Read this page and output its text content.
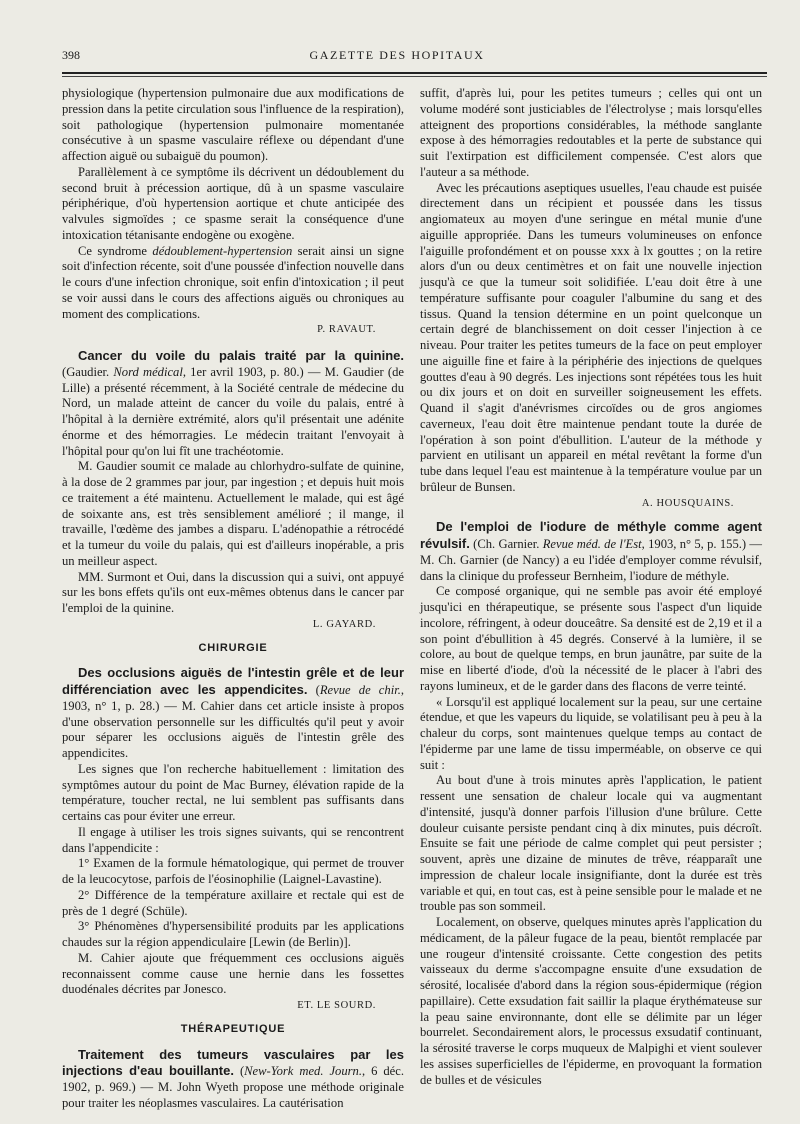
398	GAZETTE DES HOPITAUX

physiologique (hypertension pulmonaire due aux modifications de pression dans la petite circulation sous l'influence de la respiration), soit pathologique (hypertension pulmonaire momentanée consécutive à un spasme vasculaire réflexe ou dépendant d'une affection aiguë ou subaiguë du poumon).

Parallèlement à ce symptôme ils décrivent un dédoublement du second bruit à précession aortique, dû à un spasme vasculaire périphérique, d'où hypertension aortique et chute anticipée des valvules sigmoïdes ; ce spasme serait la conséquence d'une intoxication tétanisante endogène ou exogène.

Ce syndrome dédoublement-hypertension serait ainsi un signe soit d'infection récente, soit d'une poussée d'infection nouvelle dans le cours d'une infection chronique, soit enfin d'intoxication ; il peut se voir aussi dans le cours des affections aiguës ou chroniques au moment des complications.

P. RAVAUT.

Cancer du voile du palais traité par la quinine. (Gaudier. Nord médical, 1er avril 1903, p. 80.) — M. Gaudier (de Lille) a présenté récemment, à la Société centrale de médecine du Nord, un malade atteint de cancer du voile du palais, entré à l'hôpital à la dernière extrémité, alors qu'il présentait une adénite énorme et des hémorragies. Le médecin traitant l'envoyait à l'hôpital pour qu'on lui fît une trachéotomie.

M. Gaudier soumit ce malade au chlorhydro-sulfate de quinine, à la dose de 2 grammes par jour, par ingestion ; et depuis huit mois ce traitement a été maintenu. Actuellement le malade, qui est âgé de soixante ans, est très sensiblement amélioré ; il mange, il travaille, l'œdème des jambes a disparu. L'adénopathie a rétrocédé et la tumeur du voile du palais, qui est d'ailleurs inopérable, a pris un meilleur aspect.

MM. Surmont et Oui, dans la discussion qui a suivi, ont appuyé sur les bons effets qu'ils ont eux-mêmes obtenus dans le cancer par l'emploi de la quinine.

L. GAYARD.
CHIRURGIE

Des occlusions aiguës de l'intestin grêle et de leur différenciation avec les appendicites. (Revue de chir., 1903, n° 1, p. 28.) — M. Cahier dans cet article insiste à propos d'une observation personnelle sur les difficultés qu'il peut y avoir pour séparer les occlusions aiguës de l'intestin grêle des appendicites.

Les signes que l'on recherche habituellement : limitation des symptômes autour du point de Mac Burney, élévation rapide de la température, toucher rectal, ne lui semblent pas suffisants dans certains cas pour éviter une erreur.

Il engage à utiliser les trois signes suivants, qui se rencontrent dans l'appendicite :

1° Examen de la formule hématologique, qui permet de trouver de la leucocytose, parfois de l'éosinophilie (Laignel-Lavastine).

2° Différence de la température axillaire et rectale qui est de près de 1 degré (Schüle).

3° Phénomènes d'hypersensibilité produits par les applications chaudes sur la région appendiculaire [Lewin (de Berlin)].

M. Cahier ajoute que fréquemment ces occlusions aiguës reconnaissent comme cause une hernie dans les fossettes duodénales décrites par Jonesco.

ET. LE SOURD.
THÉRAPEUTIQUE

Traitement des tumeurs vasculaires par les injections d'eau bouillante. (New-York med. Journ., 6 déc. 1902, p. 969.) — M. John Wyeth propose une méthode originale pour traiter les néoplasmes vasculaires. La cautérisation

suffit, d'après lui, pour les petites tumeurs ; celles qui ont un volume modéré sont justiciables de l'électrolyse ; mais lorsqu'elles atteignent des proportions considérables, la méthode sanglante expose à des hémorragies redoutables et la perte de substance qui suit l'extirpation est difficilement compensée. C'est alors que l'auteur a sa méthode.

Avec les précautions aseptiques usuelles, l'eau chaude est puisée directement dans un récipient et poussée dans les tissus angiomateux au moyen d'une seringue en métal munie d'une aiguille appropriée. Dans les tumeurs volumineuses on enfonce l'aiguille profondément et on pousse xxx à lx gouttes ; on la retire alors d'un ou deux centimètres et on fait une nouvelle injection jusqu'à ce que la tumeur soit solidifiée. L'eau doit être à une température suffisante pour coaguler l'albumine du sang et des tissus. Quand la tension détermine en un point quelconque un certain degré de blanchissement on doit cesser l'injection à ce niveau. Pour traiter les petites tumeurs de la face on peut employer une aiguille fine et faire à la périphérie des injections de quelques gouttes d'eau à 90 degrés. Les injections sont répétées tous les huit ou dix jours et on doit en surveiller soigneusement les effets. Quand il s'agit d'anévrismes circoïdes ou de gros angiomes caverneux, l'eau doit être maintenue pendant toute la durée de l'opération à son point d'ébullition. L'auteur de la méthode y parvient en utilisant un appareil en métal revêtant la forme d'un tube dans lequel l'eau est maintenue à la température voulue par un brûleur de Bunsen.

A. HOUSQUAINS.

De l'emploi de l'iodure de méthyle comme agent révulsif. (Ch. Garnier. Revue méd. de l'Est, 1903, n° 5, p. 155.) — M. Ch. Garnier (de Nancy) a eu l'idée d'employer comme révulsif, dans la clinique du professeur Bernheim, l'iodure de méthyle.

Ce composé organique, qui ne semble pas avoir été employé jusqu'ici en thérapeutique, se présente sous l'aspect d'un liquide incolore, réfringent, à odeur douceâtre. Sa densité est de 2,19 et il a son point d'ébullition à 45 degrés. Conservé à la lumière, il se colore, au bout de quelque temps, en brun jaunâtre, par suite de la mise en liberté d'iode, d'où la nécessité de le placer à l'abri des rayons lumineux, et de le garder dans des flacons de verre teinté.

« Lorsqu'il est appliqué localement sur la peau, sur une certaine étendue, et que les vapeurs du liquide, se volatilisant peu à peu à la chaleur du corps, sont maintenues quelque temps au contact de l'épiderme par une lame de tissu imperméable, on observe ce qui suit :

Au bout d'une à trois minutes après l'application, le patient ressent une sensation de chaleur locale qui va augmentant d'intensité, jusqu'à donner parfois l'illusion d'une brûlure. Cette douleur cuisante persiste pendant cinq à dix minutes, puis décroît. Ensuite se fait une période de calme complet qui peut persister ; souvent, après une dizaine de minutes de trêve, réapparaît une impression de chaleur locale insignifiante, dont la durée est très variable et qui, en tout cas, est à peine sensible pour le malade et ne trouble pas son sommeil.

Localement, on observe, quelques minutes après l'application du médicament, de la pâleur fugace de la peau, bientôt remplacée par une rougeur d'intensité croissante. Cette congestion des petits vaisseaux du derme s'accompagne ensuite d'une exsudation de sérosité, localisée d'abord dans la région sous-épidermique (région papillaire). Cette exsudation fait saillir la plaque érythémateuse sur la peau saine environnante, dont elle se délimite par un léger bourrelet. Secondairement alors, le processus exsudatif continuant, la sérosité traverse le corps muqueux de Malpighi et vient soulever les assises superficielles de l'épiderme, en provoquant la formation de bulles et de vésicules
